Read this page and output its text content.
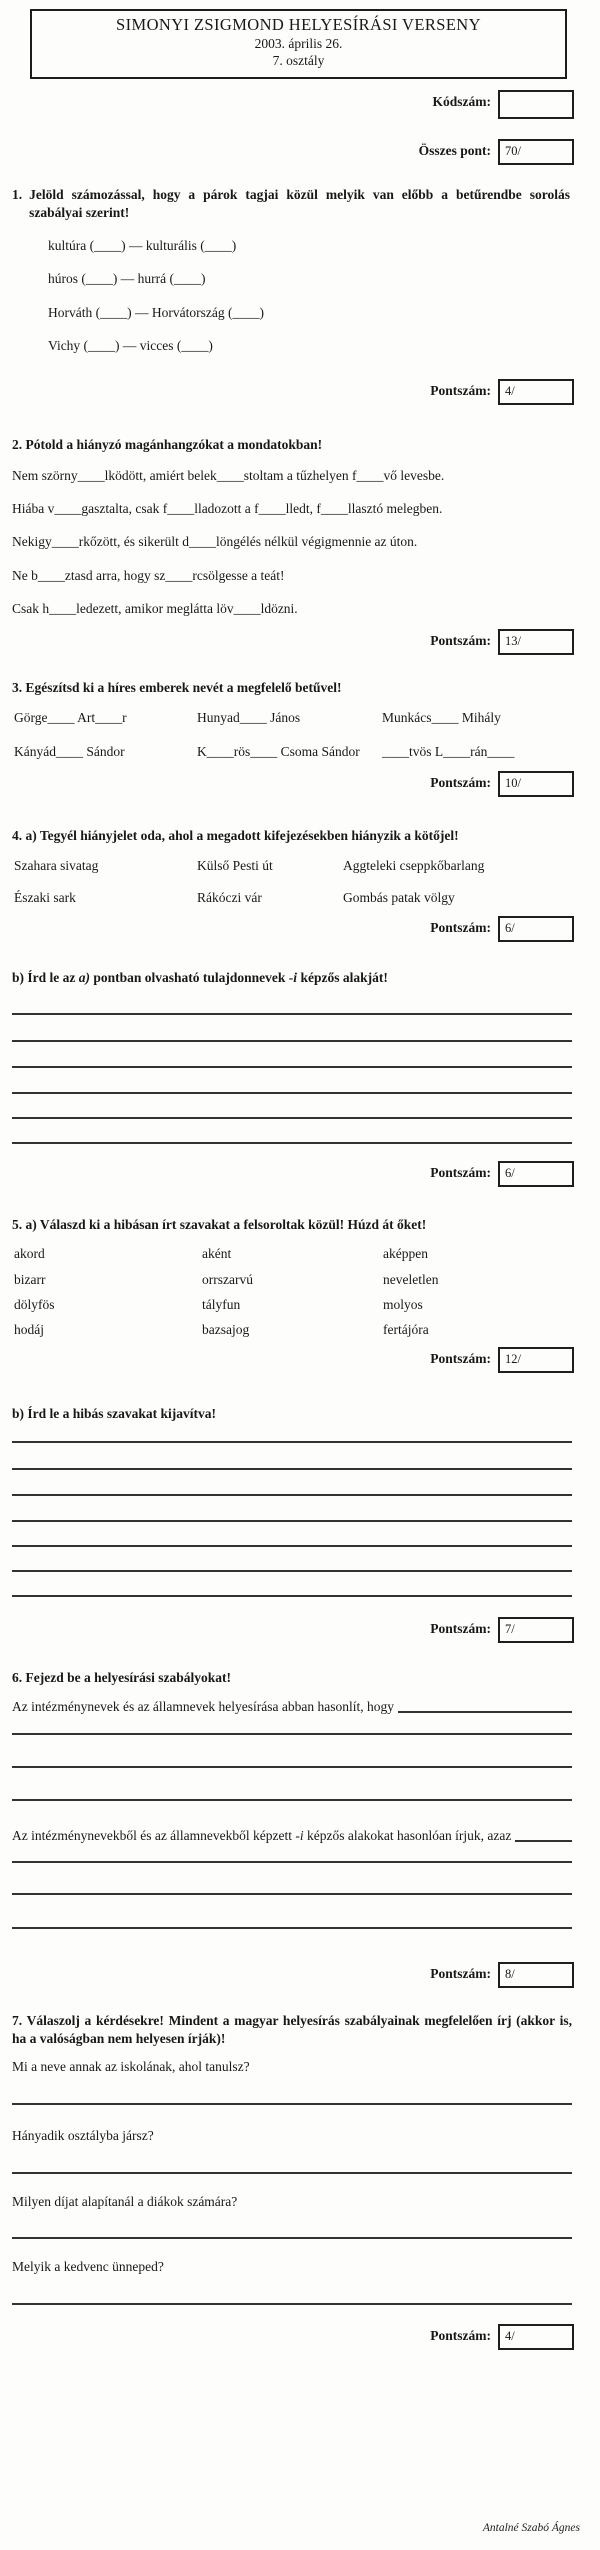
SIMONYI ZSIGMOND HELYESÍRÁSI VERSENY
2003. április 26.
7. osztály
Kódszám:
Összes pont:	70/
1. Jelöld számozással, hogy a párok tagjai közül melyik van előbb a betűrendbe sorolás szabályai szerint!
kultúra (____) — kulturális (____)
húros (____) — hurrá (____)
Horváth (____) — Horvátország (____)
Vichy (____) — vicces (____)
Pontszám:	4/
2. Pótold a hiányzó magánhangzókat a mondatokban!
Nem szörny____lködött, amiért belek____stoltam a tűzhelyen f____vő levesbe.
Hiába v____gasztalta, csak f____lladozott a f____lledt, f____llasztó melegben.
Nekigy____rkőzött, és sikerült d____löngélés nélkül végigmennie az úton.
Ne b____ztasd arra, hogy sz____rcsölgesse a teát!
Csak h____ledezett, amikor meglátta löv____ldözni.
Pontszám:	13/
3. Egészítsd ki a híres emberek nevét a megfelelő betűvel!
Görge____ Art____r	Hunyad____ János	Munkács____ Mihály
Kányád____ Sándor	K____rös____ Csoma Sándor	____tvös L____rán____
Pontszám:	10/
4. a) Tegyél hiányjelet oda, ahol a megadott kifejezésekben hiányzik a kötőjel!
Szahara sivatag	Külső Pesti út	Aggteleki cseppkőbarlang
Északi sark	Rákóczi vár	Gombás patak völgy
Pontszám:	6/
b) Írd le az a) pontban olvasható tulajdonnevek -i képzős alakját!
Pontszám:	6/
5. a) Válaszd ki a hibásan írt szavakat a felsoroltak közül! Húzd át őket!
akord	aként	aképpen
bizarr	orrszarvú	neveletlen
dölyfös	tályfun	molyos
hodáj	bazsajog	fertájóra
Pontszám:	12/
b) Írd le a hibás szavakat kijavítva!
Pontszám:	7/
6. Fejezd be a helyesírási szabályokat!
Az intézménynevek és az államnevek helyesírása abban hasonlít, hogy
Az intézménynevekből és az államnevekből képzett -i képzős alakokat hasonlóan írjuk, azaz
Pontszám:	8/
7. Válaszolj a kérdésekre! Mindent a magyar helyesírás szabályainak megfelelően írj (akkor is, ha a valóságban nem helyesen írják)!
Mi a neve annak az iskolának, ahol tanulsz?
Hányadik osztályba jársz?
Milyen díjat alapítanál a diákok számára?
Melyik a kedvenc ünneped?
Pontszám:	4/
Antalné Szabó Ágnes
